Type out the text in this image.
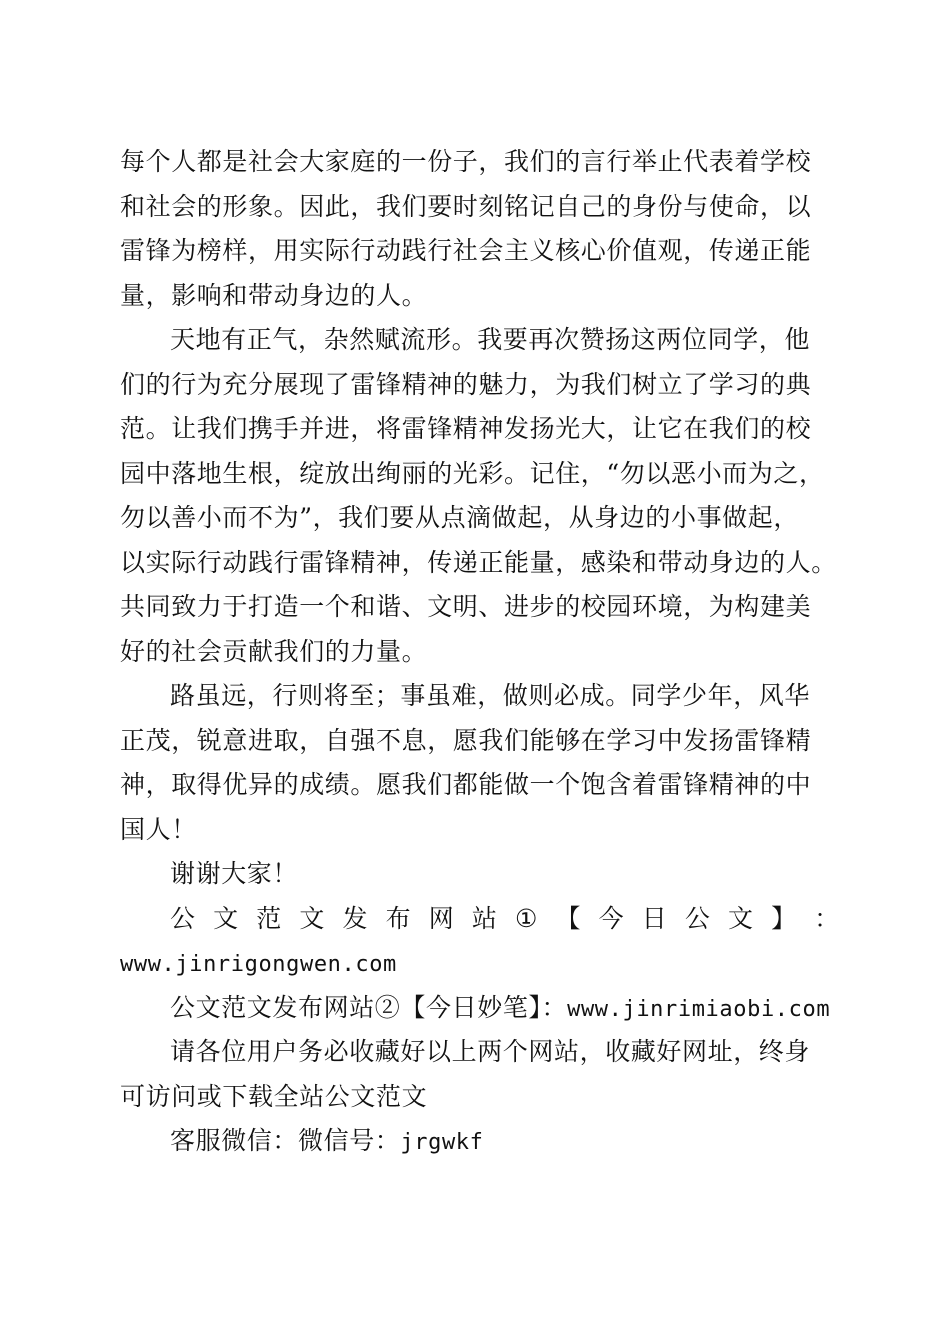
每个人都是社会大家庭的一份子，我们的言行举止代表着学校
和社会的形象。因此，我们要时刻铭记自己的身份与使命，以
雷锋为榜样，用实际行动践行社会主义核心价值观，传递正能
量，影响和带动身边的人。
天地有正气，杂然赋流形。我要再次赞扬这两位同学，他
们的行为充分展现了雷锋精神的魅力，为我们树立了学习的典
范。让我们携手并进，将雷锋精神发扬光大，让它在我们的校
园中落地生根，绽放出绚丽的光彩。记住，“勿以恶小而为之，
勿以善小而不为”，我们要从点滴做起，从身边的小事做起，
以实际行动践行雷锋精神，传递正能量，感染和带动身边的人。
共同致力于打造一个和谐、文明、进步的校园环境，为构建美
好的社会贡献我们的力量。
路虽远，行则将至；事虽难，做则必成。同学少年，风华
正茂，锐意进取，自强不息，愿我们能够在学习中发扬雷锋精
神，取得优异的成绩。愿我们都能做一个饱含着雷锋精神的中
国人！
谢谢大家！
公 文 范 文 发 布 网 站 ① 【 今 日 公 文 】 ：
www.jinrigongwen.com
公文范文发布网站②【今日妙笔】：www.jinrimiaobi.com
请各位用户务必收藏好以上两个网站，收藏好网址，终身
可访问或下载全站公文范文
客服微信：微信号：jrgwkf
